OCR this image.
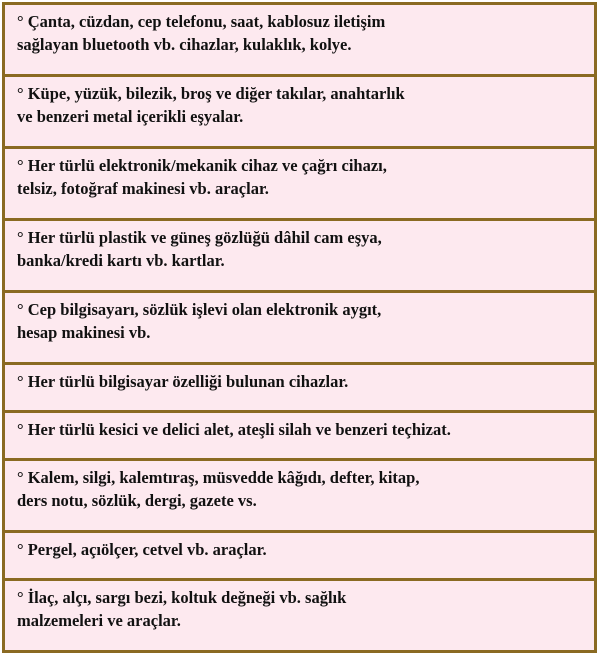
° Çanta, cüzdan, cep telefonu, saat, kablosuz iletişim
sağlayan bluetooth vb. cihazlar, kulaklık, kolye.

° Küpe, yüzük, bilezik, broş ve diğer takılar, anahtarlık
ve benzeri metal içerikli eşyalar.

° Her türlü elektronik/mekanik cihaz ve çağrı cihazı,
telsiz, fotoğraf makinesi vb. araçlar.

° Her türlü plastik ve güneş gözlüğü dâhil cam eşya,
banka/kredi kartı vb. kartlar.

° Cep bilgisayarı, sözlük işlevi olan elektronik aygıt,
hesap makinesi vb.

° Her türlü bilgisayar özelliği bulunan cihazlar.

° Her türlü kesici ve delici alet, ateşli silah ve benzeri teçhizat.

° Kalem, silgi, kalemtıraş, müsvedde kâğıdı, defter, kitap,
ders notu, sözlük, dergi, gazete vs.

° Pergel, açıölçer, cetvel vb. araçlar.

° İlaç, alçı, sargı bezi, koltuk değneği vb. sağlık
malzemeleri ve araçlar.
